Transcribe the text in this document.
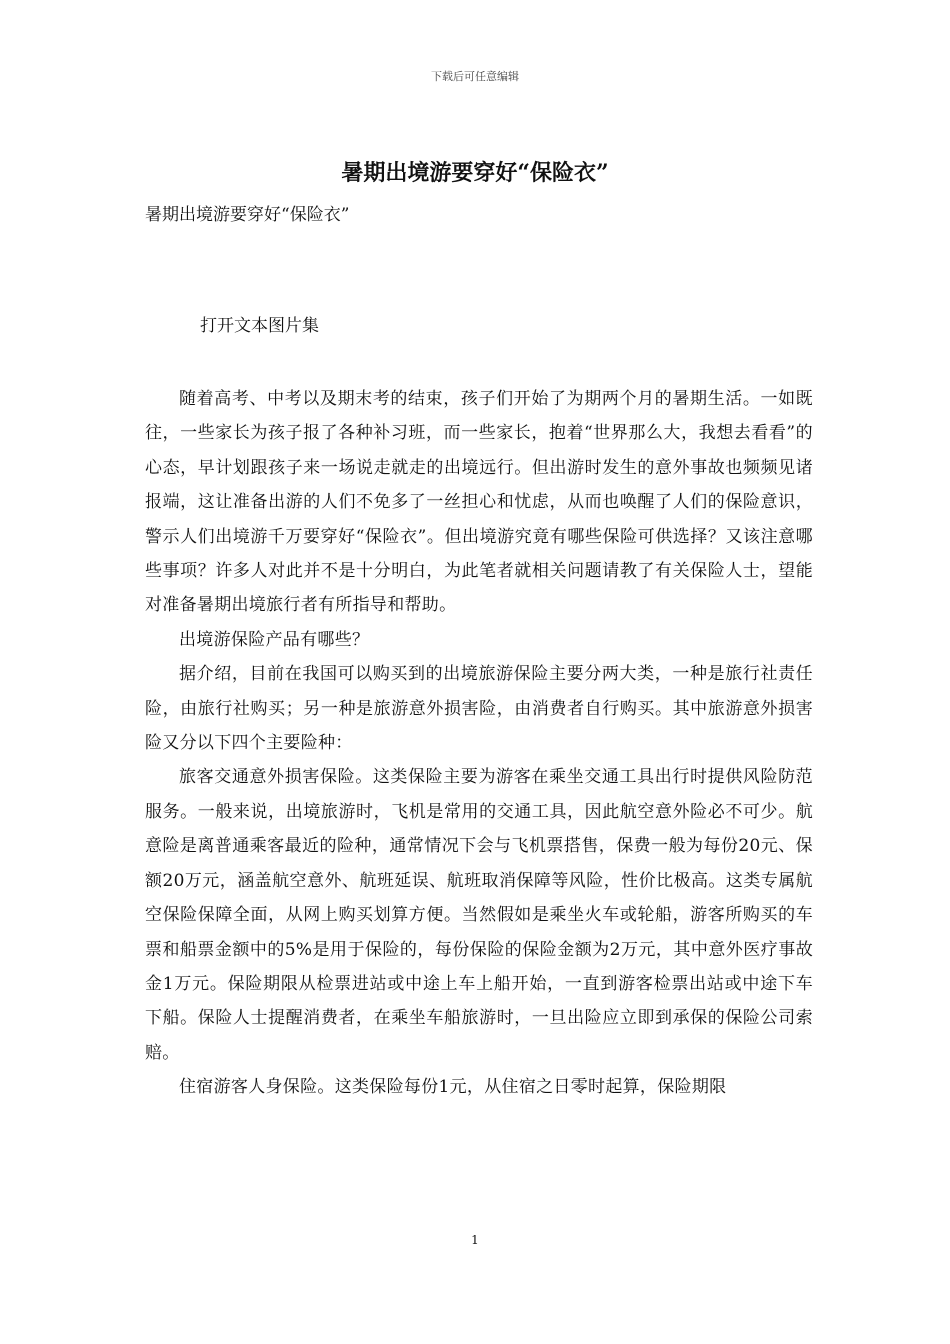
下载后可任意编辑
暑期出境游要穿好“保险衣”
暑期出境游要穿好“保险衣”
打开文本图片集

随着高考、中考以及期末考的结束，孩子们开始了为期两个月的暑期生活。一如既往，一些家长为孩子报了各种补习班，而一些家长，抱着“世界那么大，我想去看看”的心态，早计划跟孩子来一场说走就走的出境远行。但出游时发生的意外事故也频频见诸报端，这让准备出游的人们不免多了一丝担心和忧虑，从而也唤醒了人们的保险意识，警示人们出境游千万要穿好“保险衣”。但出境游究竟有哪些保险可供选择？又该注意哪些事项？许多人对此并不是十分明白，为此笔者就相关问题请教了有关保险人士，望能对准备暑期出境旅行者有所指导和帮助。

出境游保险产品有哪些？

据介绍，目前在我国可以购买到的出境旅游保险主要分两大类，一种是旅行社责任险，由旅行社购买；另一种是旅游意外损害险，由消费者自行购买。其中旅游意外损害险又分以下四个主要险种：

旅客交通意外损害保险。这类保险主要为游客在乘坐交通工具出行时提供风险防范服务。一般来说，出境旅游时，飞机是常用的交通工具，因此航空意外险必不可少。航意险是离普通乘客最近的险种，通常情况下会与飞机票搭售，保费一般为每份20元、保额20万元，涵盖航空意外、航班延误、航班取消保障等风险，性价比极高。这类专属航空保险保障全面，从网上购买划算方便。当然假如是乘坐火车或轮船，游客所购买的车票和船票金额中的5%是用于保险的，每份保险的保险金额为2万元，其中意外医疗事故金1万元。保险期限从检票进站或中途上车上船开始，一直到游客检票出站或中途下车下船。保险人士提醒消费者，在乘坐车船旅游时，一旦出险应立即到承保的保险公司索赔。

住宿游客人身保险。这类保险每份1元，从住宿之日零时起算，保险期限

1
